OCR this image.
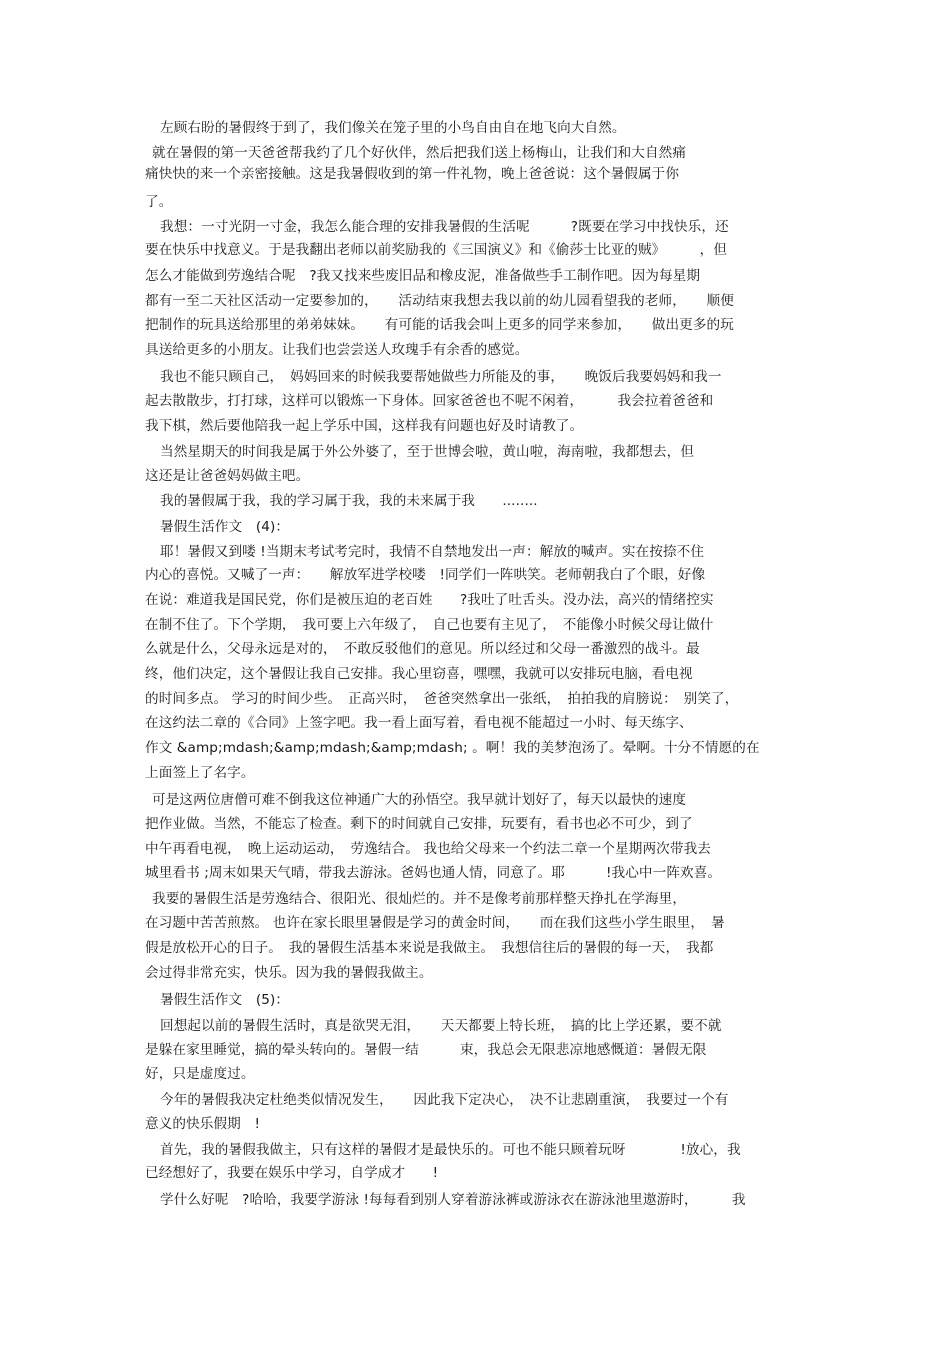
左顾右盼的暑假终于到了，我们像关在笼子里的小鸟自由自在地飞向大自然。
就在暑假的第一天爸爸帮我约了几个好伙伴，然后把我们送上杨梅山，让我们和大自然痛
痛快快的来一个亲密接触。这是我暑假收到的第一件礼物，晚上爸爸说：这个暑假属于你
了。
我想：一寸光阴一寸金，我怎么能合理的安排我暑假的生活呢　　　?既要在学习中找快乐，还
要在快乐中找意义。于是我翻出老师以前奖励我的《三国演义》和《偷莎士比亚的贼》　　　，但
怎么才能做到劳逸结合呢　?我又找来些废旧品和橡皮泥，准备做些手工制作吧。因为每星期
都有一至二天社区活动一定要参加的，　　活动结束我想去我以前的幼儿园看望我的老师，　　顺便
把制作的玩具送给那里的弟弟妹妹。　　有可能的话我会叫上更多的同学来参加，　　做出更多的玩
具送给更多的小朋友。让我们也尝尝送人玫瑰手有余香的感觉。
我也不能只顾自己，　妈妈回来的时候我要帮她做些力所能及的事，　　晚饭后我要妈妈和我一
起去散散步，打打球，这样可以锻炼一下身体。回家爸爸也不呢不闲着，　　　我会拉着爸爸和
我下棋，然后要他陪我一起上学乐中国，这样我有问题也好及时请教了。
当然星期天的时间我是属于外公外婆了，至于世博会啦，黄山啦，海南啦，我都想去，但
这还是让爸爸妈妈做主吧。
我的暑假属于我，我的学习属于我，我的未来属于我　　........
暑假生活作文　(4)：
耶！暑假又到喽 !当期末考试考完时，我情不自禁地发出一声：解放的喊声。实在按捺不住
内心的喜悦。又喊了一声：　　解放军进学校喽　!同学们一阵哄笑。老师朝我白了个眼，好像
在说：难道我是国民党，你们是被压迫的老百姓　　?我吐了吐舌头。没办法，高兴的情绪控实
在制不住了。下个学期，　我可要上六年级了，　自己也要有主见了，　不能像小时候父母让做什
么就是什么，父母永远是对的，　不敢反驳他们的意见。所以经过和父母一番激烈的战斗。最
终，他们决定，这个暑假让我自己安排。我心里窃喜，嘿嘿，我就可以安排玩电脑，看电视
的时间多点。 学习的时间少些。　正高兴时，　爸爸突然拿出一张纸，　拍拍我的肩膀说：　别笑了，
在这约法二章的《合同》上签字吧。我一看上面写着，看电视不能超过一小时、每天练字、
作文 &amp;mdash;&amp;mdash;&amp;mdash; 。啊！我的美梦泡汤了。晕啊。十分不情愿的在
上面签上了名字。
可是这两位唐僧可难不倒我这位神通广大的孙悟空。我早就计划好了，每天以最快的速度
把作业做。当然，不能忘了检查。剩下的时间就自己安排，玩要有，看书也必不可少，到了
中午再看电视，　晚上运动运动，　劳逸结合。 我也给父母来一个约法二章一个星期两次带我去
城里看书 ;周末如果天气晴，带我去游泳。爸妈也通人情，同意了。耶　　　!我心中一阵欢喜。
我要的暑假生活是劳逸结合、很阳光、很灿烂的。并不是像考前那样整天挣扎在学海里，
在习题中苦苦煎熬。 也许在家长眼里暑假是学习的黄金时间，　　而在我们这些小学生眼里，　暑
假是放松开心的日子。　我的暑假生活基本来说是我做主。　我想信往后的暑假的每一天，　我都
会过得非常充实，快乐。因为我的暑假我做主。
暑假生活作文　(5)：
回想起以前的暑假生活时，真是欲哭无泪，　　天天都要上特长班，　搞的比上学还累，要不就
是躲在家里睡觉，搞的晕头转向的。暑假一结　　　束，我总会无限悲凉地感慨道：暑假无限
好，只是虚度过。
今年的暑假我决定杜绝类似情况发生，　　因此我下定决心，　决不让悲剧重演，　我要过一个有
意义的快乐假期　!
首先，我的暑假我做主，只有这样的暑假才是最快乐的。可也不能只顾着玩呀　　　　!放心，我
已经想好了，我要在娱乐中学习，自学成才　　!
学什么好呢　?哈哈，我要学游泳 !每每看到别人穿着游泳裤或游泳衣在游泳池里遨游时，　　　我
